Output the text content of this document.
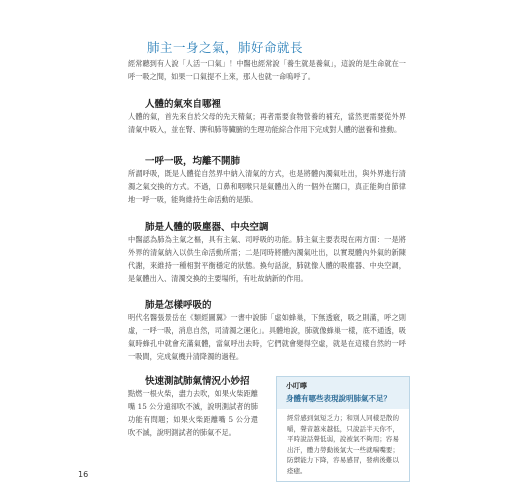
肺主一身之氣，肺好命就長
經常聽到有人說「人活一口氣」！中醫也經常說「養生就是養氣」，這說的是生命就在一呼一吸之間，如果一口氣提不上來，那人也就一命嗚呼了。
人體的氣來自哪裡
人體的氣，首先來自於父母的先天精氣；再者需要食物營養的補充，當然更需要從外界清氣中吸入，並在腎、脾和肺等臟腑的生理功能綜合作用下完成對人體的滋養和推動。
一呼一吸，均離不開肺
所謂呼吸，既是人體從自然界中納入清氣的方式，也是將體內濁氣吐出，與外界進行清濁之氣交換的方式。不過，口鼻和咽喉只是氣體出入的一個外在關口，真正能夠自節律地一呼一吸，能夠維持生命活動的是肺。
肺是人體的吸塵器、中央空調
中醫認為肺為主氣之樞，具有主氣、司呼吸的功能。肺主氣主要表現在兩方面：一是將外界的清氣納入以供生命活動所需；二是同時將體內濁氣吐出，以實現體內外氣的新陳代謝，來維持一種相對平衡穩定的狀態。換句話說，肺就像人體的吸塵器、中央空調，是氣體出入、清濁交換的主要場所，有吐故納新的作用。
肺是怎樣呼吸的
明代名醫張景岳在《類經圖翼》一書中說肺「虛如蜂巢，下無透竅，吸之則滿，呼之則虛，一呼一吸，消息自然，司清濁之運化」。具體地說，肺就像蜂巢一樣，底不通透，吸氣時蜂孔中就會充滿氣體，當氣呼出去時，它們就會變得空虛，就是在這樣自然的一呼一吸間，完成氣機升清降濁的過程。
快速測試肺氣情況小妙招
點燃一根火柴，盡力去吹，如果火柴距離嘴 15 公分遠卻吹不滅，說明測試者的肺功能有問題；如果火柴距離嘴 5 公分還吹不滅，說明測試者的肺氣不足。
小叮嚀
身體有哪些表現說明肺氣不足？
經常感到氣短乏力；和別人同樣是散的嚼，聲音越來越低，只說話半天你不，平時說話聲低弱，說被氣不夠用；容易出汗，體力勞動後氣大一些就喘嘴要；防禦能力下降，容易感冒，發病後難以痊癒。
16
